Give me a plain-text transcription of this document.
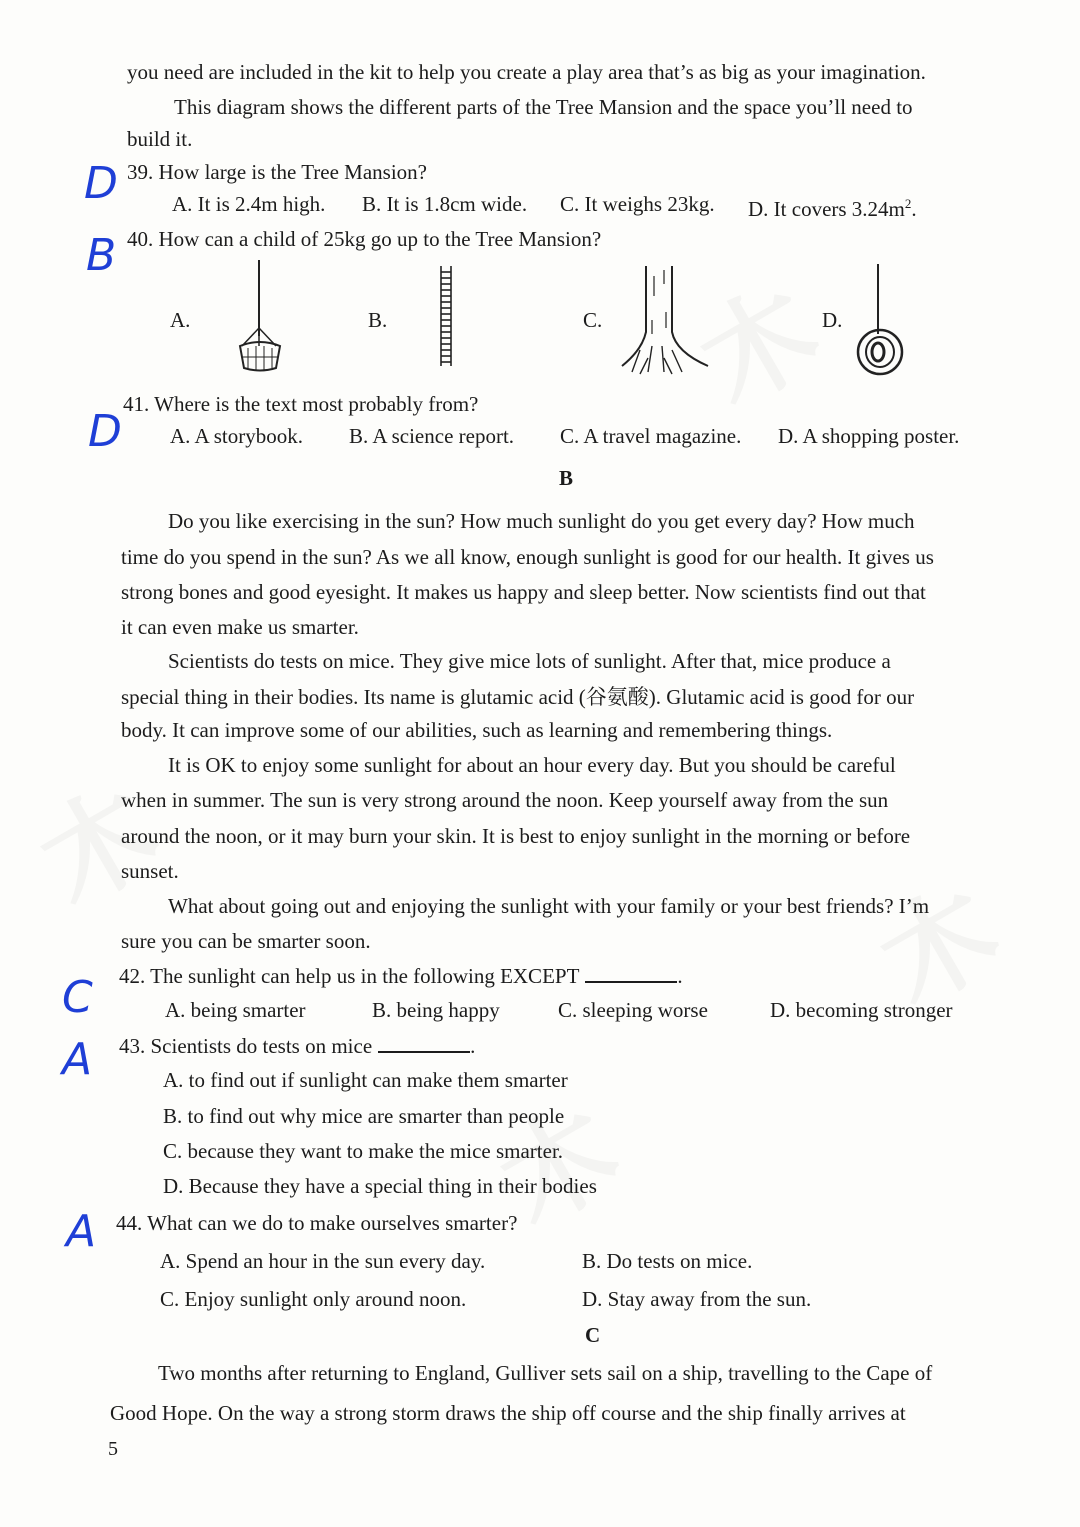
you need are included in the kit to help you create a play area that’s as big as your imagination.
This diagram shows the different parts of the Tree Mansion and the space you’ll need to
build it.
D 39. How large is the Tree Mansion?
A. It is 2.4m high. B. It is 1.8cm wide. C. It weighs 23kg. D. It covers $3.24m^2$.
B 40. How can a child of 25kg go up to the Tree Mansion?
A.	B.	C.	D.
D
41. Where is the text most probably from?
A. A storybook. B. A science report. C. A travel magazine. D. A shopping poster.
B
Do you like exercising in the sun? How much sunlight do you get every day? How much
time do you spend in the sun? As we all know, enough sunlight is good for our health. It gives us
strong bones and good eyesight. It makes us happy and sleep better. Now scientists find out that
it can even make us smarter.
Scientists do tests on mice. They give mice lots of sunlight. After that, mice produce a
special thing in their bodies. Its name is glutamic acid (谷氨酸). Glutamic acid is good for our
body. It can improve some of our abilities, such as learning and remembering things.
It is OK to enjoy some sunlight for about an hour every day. But you should be careful
when in summer. The sun is very strong around the noon. Keep yourself away from the sun
around the noon, or it may burn your skin. It is best to enjoy sunlight in the morning or before
sunset.
What about going out and enjoying the sunlight with your family or your best friends? I’m
sure you can be smarter soon.
C 42. The sunlight can help us in the following EXCEPT	.
A. being smarter	B. being happy	C. sleeping worse	D. becoming stronger
A 43. Scientists do tests on mice	.
A. to find out if sunlight can make them smarter
B. to find out why mice are smarter than people
C. because they want to make the mice smarter.
D. Because they have a special thing in their bodies
A 44. What can we do to make ourselves smarter?
A. Spend an hour in the sun every day.	B. Do tests on mice.
C. Enjoy sunlight only around noon.	D. Stay away from the sun.
C
Two months after returning to England, Gulliver sets sail on a ship, travelling to the Cape of
Good Hope. On the way a strong storm draws the ship off course and the ship finally arrives at
5
